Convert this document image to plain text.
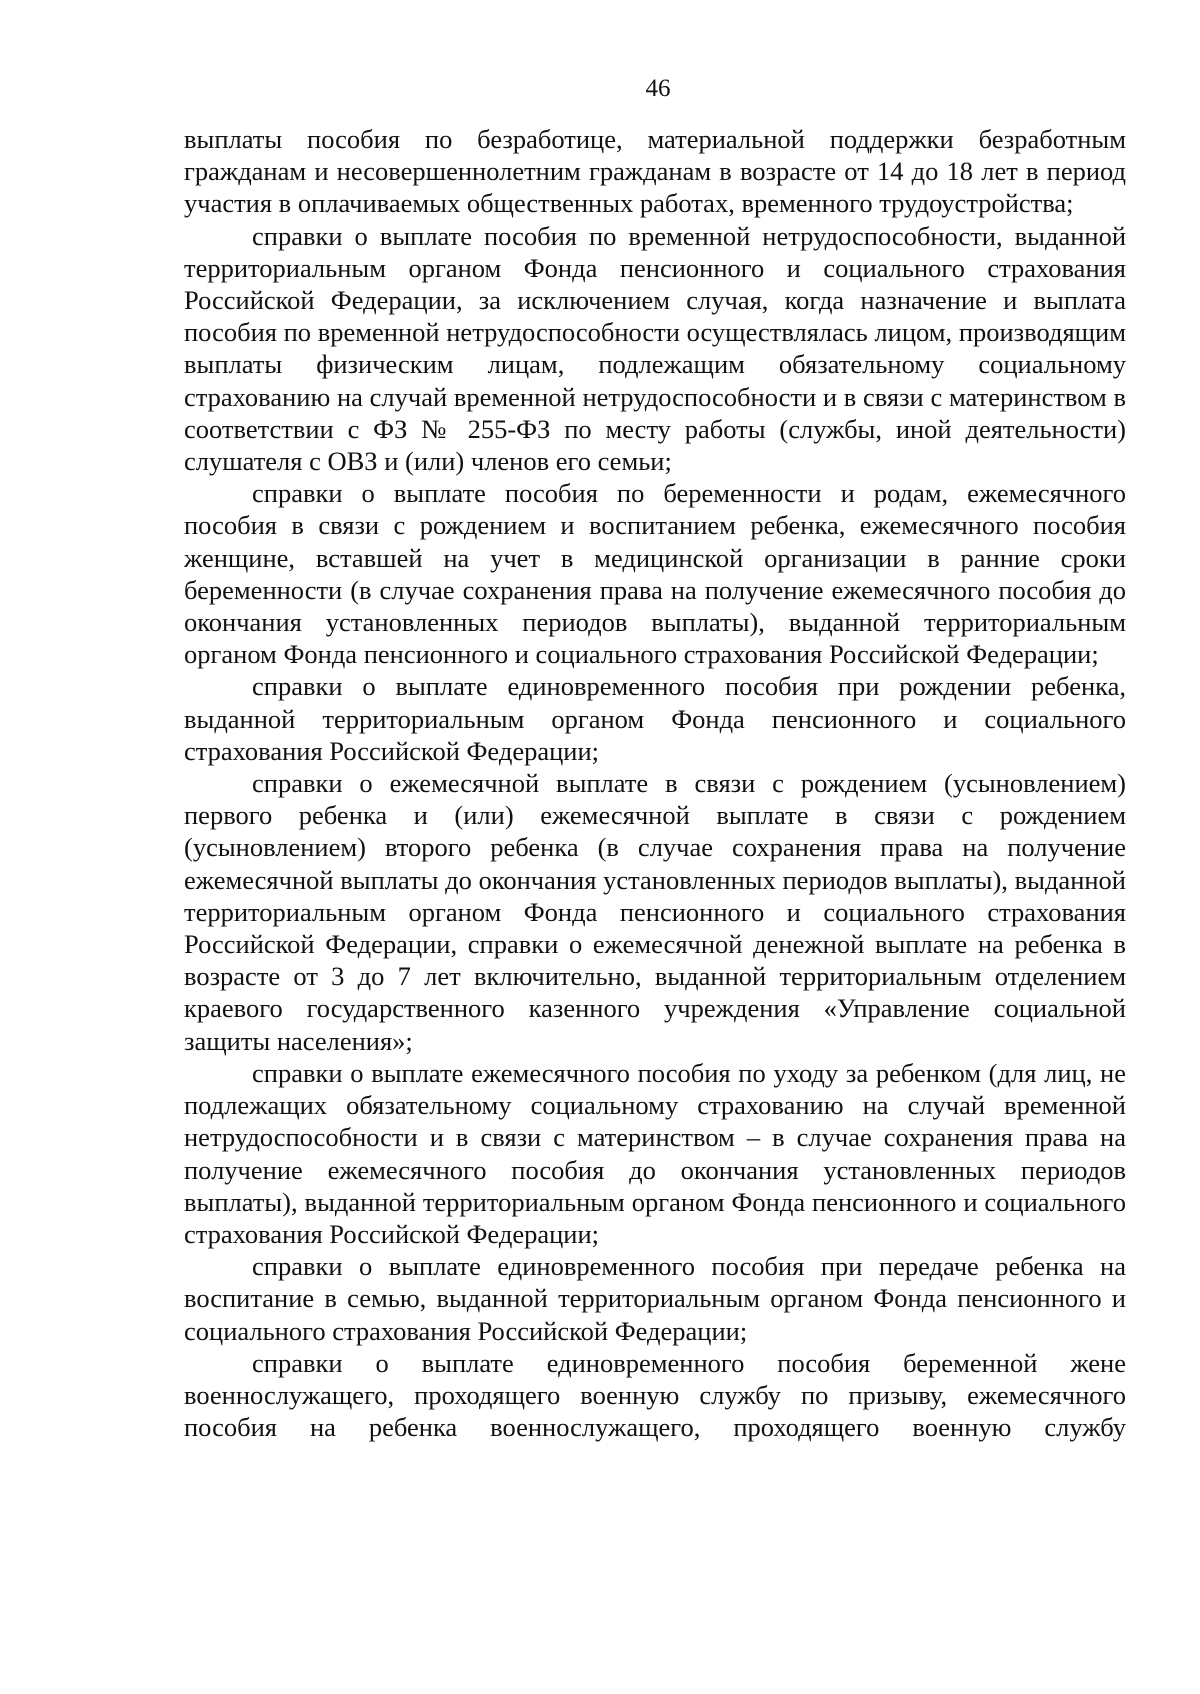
46

выплаты пособия по безработице, материальной поддержки безработным гражданам и несовершеннолетним гражданам в возрасте от 14 до 18 лет в период участия в оплачиваемых общественных работах, временного трудоустройства;

справки о выплате пособия по временной нетрудоспособности, выданной территориальным органом Фонда пенсионного и социального страхования Российской Федерации, за исключением случая, когда назначение и выплата пособия по временной нетрудоспособности осуществлялась лицом, производящим выплаты физическим лицам, подлежащим обязательному социальному страхованию на случай временной нетрудоспособности и в связи с материнством в соответствии с ФЗ № 255-ФЗ по месту работы (службы, иной деятельности) слушателя с ОВЗ и (или) членов его семьи;

справки о выплате пособия по беременности и родам, ежемесячного пособия в связи с рождением и воспитанием ребенка, ежемесячного пособия женщине, вставшей на учет в медицинской организации в ранние сроки беременности (в случае сохранения права на получение ежемесячного пособия до окончания установленных периодов выплаты), выданной территориальным органом Фонда пенсионного и социального страхования Российской Федерации;

справки о выплате единовременного пособия при рождении ребенка, выданной территориальным органом Фонда пенсионного и социального страхования Российской Федерации;

справки о ежемесячной выплате в связи с рождением (усыновлением) первого ребенка и (или) ежемесячной выплате в связи с рождением (усыновлением) второго ребенка (в случае сохранения права на получение ежемесячной выплаты до окончания установленных периодов выплаты), выданной территориальным органом Фонда пенсионного и социального страхования Российской Федерации, справки о ежемесячной денежной выплате на ребенка в возрасте от 3 до 7 лет включительно, выданной территориальным отделением краевого государственного казенного учреждения «Управление социальной защиты населения»;

справки о выплате ежемесячного пособия по уходу за ребенком (для лиц, не подлежащих обязательному социальному страхованию на случай временной нетрудоспособности и в связи с материнством – в случае сохранения права на получение ежемесячного пособия до окончания установленных периодов выплаты), выданной территориальным органом Фонда пенсионного и социального страхования Российской Федерации;

справки о выплате единовременного пособия при передаче ребенка на воспитание в семью, выданной территориальным органом Фонда пенсионного и социального страхования Российской Федерации;

справки о выплате единовременного пособия беременной жене военнослужащего, проходящего военную службу по призыву, ежемесячного пособия на ребенка военнослужащего, проходящего военную службу
